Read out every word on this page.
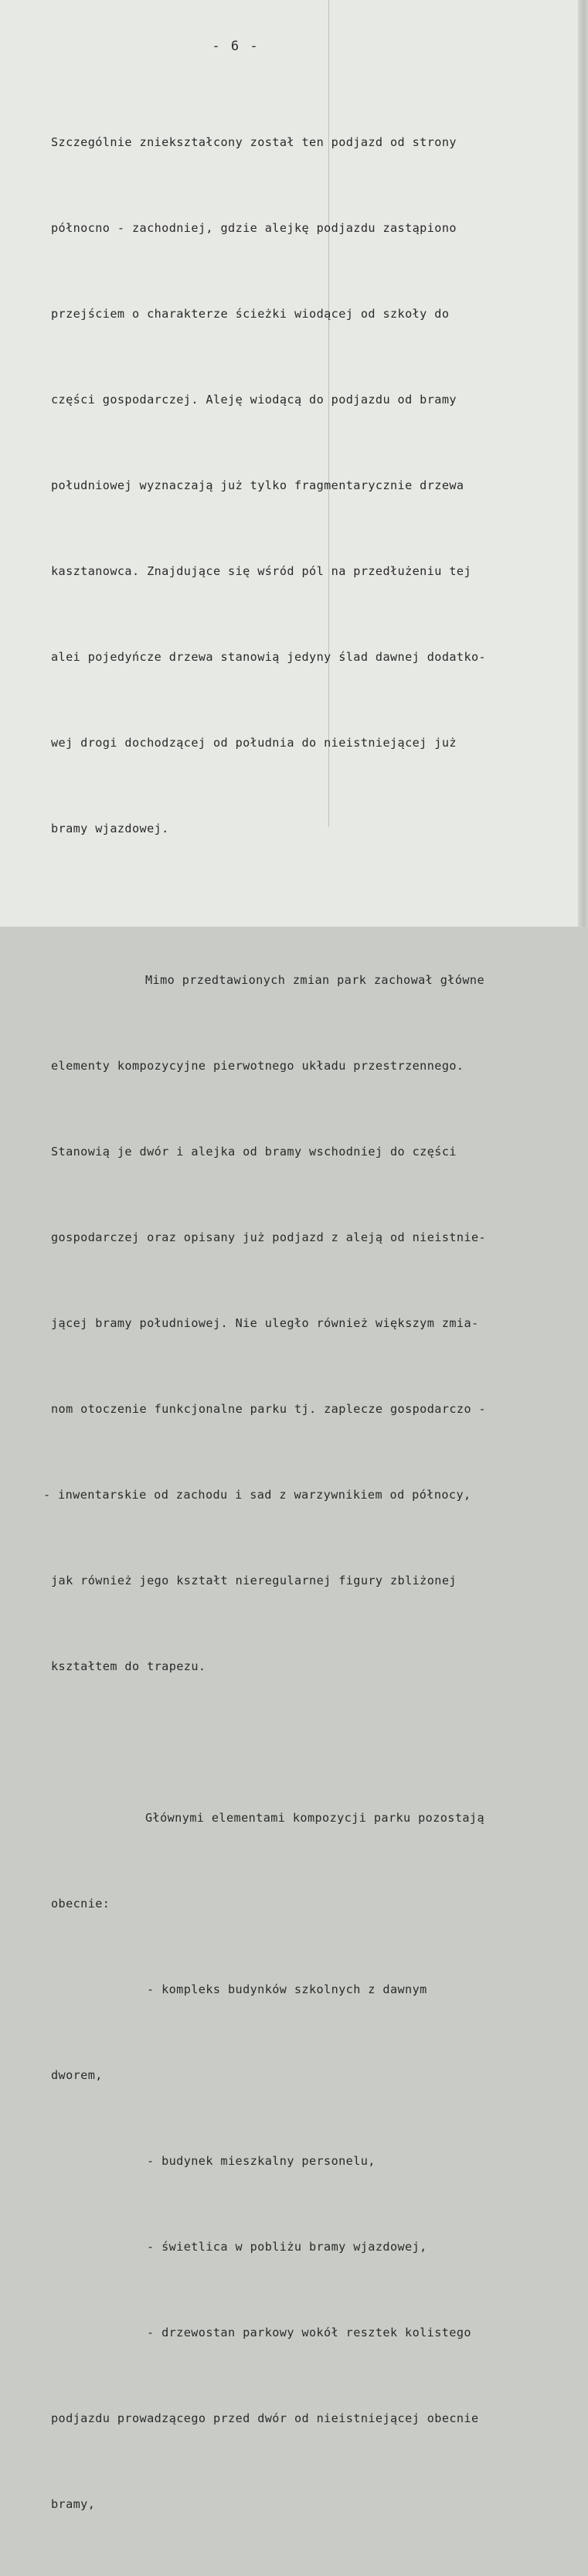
- 6 -

Szczególnie zniekształcony został ten podjazd od strony

północno - zachodniej, gdzie alejkę podjazdu zastąpiono

przejściem o charakterze ścieżki wiodącej od szkoły do

części gospodarczej. Aleję wiodącą do podjazdu od bramy

południowej wyznaczają już tylko fragmentarycznie drzewa

kasztanowca. Znajdujące się wśród pól na przedłużeniu tej

alei pojedyńcze drzewa stanowią jedyny ślad dawnej dodatko-

wej drogi dochodzącej od południa do nieistniejącej już

bramy wjazdowej.

Mimo przedtawionych zmian park zachował główne

elementy kompozycyjne pierwotnego układu przestrzennego.

Stanowią je dwór i alejka od bramy wschodniej do części

gospodarczej oraz opisany już podjazd z aleją od nieistnie-

jącej bramy południowej. Nie uległo również większym zmia-

nom otoczenie funkcjonalne parku tj. zaplecze gospodarczo -

- inwentarskie od zachodu i sad z warzywnikiem od północy,

jak również jego kształt nieregularnej figury zbliżonej

kształtem do trapezu.

Głównymi elementami kompozycji parku pozostają

obecnie:

- kompleks budynków szkolnych z dawnym

dworem,

- budynek mieszkalny personelu,

- świetlica w pobliżu bramy wjazdowej,

- drzewostan parkowy wokół resztek kolistego

podjazdu prowadzącego przed dwór od nieistniejącej obecnie

bramy,
